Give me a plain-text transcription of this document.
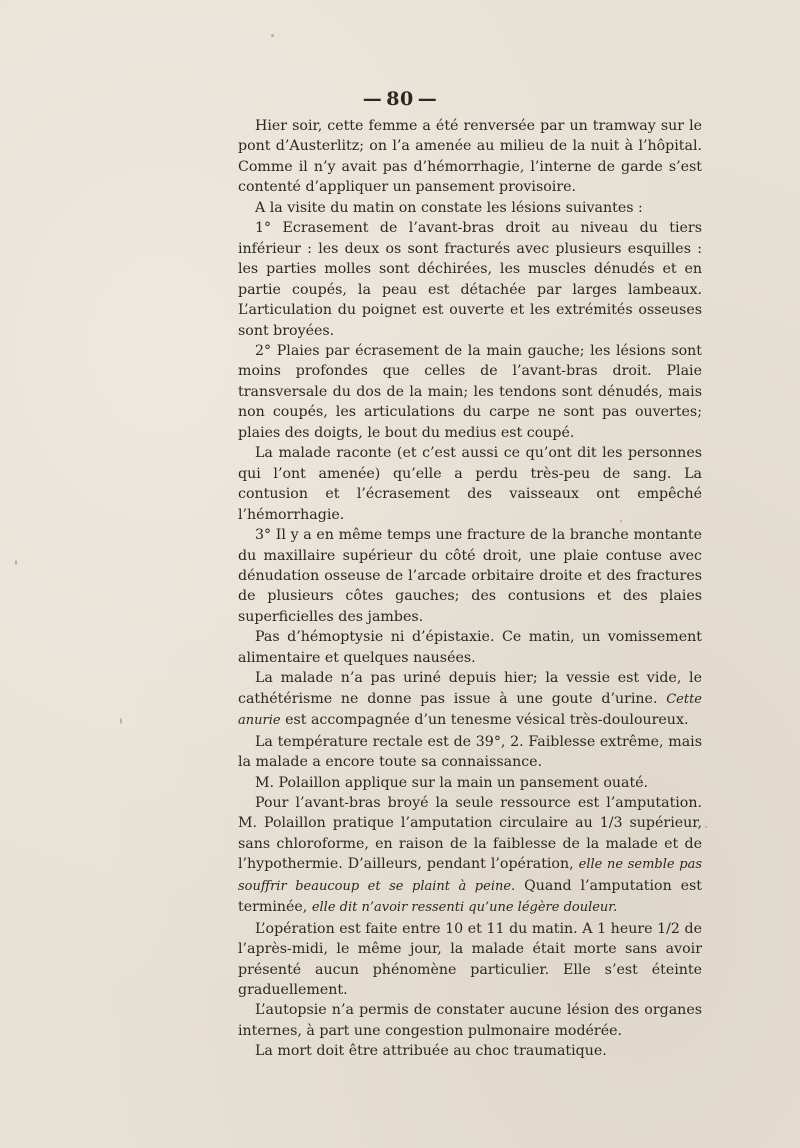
— 80 —

Hier soir, cette femme a été renversée par un tramway sur le pont d’Austerlitz; on l’a amenée au milieu de la nuit à l’hôpital. Comme il n’y avait pas d’hémorrhagie, l’interne de garde s’est contenté d’appliquer un pansement provisoire.

A la visite du matin on constate les lésions suivantes :

1° Ecrasement de l’avant-bras droit au niveau du tiers inférieur : les deux os sont fracturés avec plusieurs esquilles : les parties molles sont déchirées, les muscles dénudés et en partie coupés, la peau est détachée par larges lambeaux. L’articulation du poignet est ouverte et les extrémités osseuses sont broyées.

2° Plaies par écrasement de la main gauche; les lésions sont moins profondes que celles de l’avant-bras droit. Plaie transversale du dos de la main; les tendons sont dénudés, mais non coupés, les articulations du carpe ne sont pas ouvertes; plaies des doigts, le bout du medius est coupé.

La malade raconte (et c’est aussi ce qu’ont dit les personnes qui l’ont amenée) qu’elle a perdu très-peu de sang. La contusion et l’écrasement des vaisseaux ont empêché l’hémorrhagie.

3° Il y a en même temps une fracture de la branche montante du maxillaire supérieur du côté droit, une plaie contuse avec dénudation osseuse de l’arcade orbitaire droite et des fractures de plusieurs côtes gauches; des contusions et des plaies superficielles des jambes.

Pas d’hémoptysie ni d’épistaxie. Ce matin, un vomissement alimentaire et quelques nausées.

La malade n’a pas uriné depuis hier; la vessie est vide, le cathétérisme ne donne pas issue à une goute d’urine. Cette anurie est accompagnée d’un tenesme vésical très-douloureux.

La température rectale est de 39°, 2. Faiblesse extrême, mais la malade a encore toute sa connaissance.

M. Polaillon applique sur la main un pansement ouaté.

Pour l’avant-bras broyé la seule ressource est l’amputation. M. Polaillon pratique l’amputation circulaire au 1/3 supérieur, sans chloroforme, en raison de la faiblesse de la malade et de l’hypothermie. D’ailleurs, pendant l’opération, elle ne semble pas souffrir beaucoup et se plaint à peine. Quand l’amputation est terminée, elle dit n’avoir ressenti qu’une légère douleur.

L’opération est faite entre 10 et 11 du matin. A 1 heure 1/2 de l’après-midi, le même jour, la malade était morte sans avoir présenté aucun phénomène particulier. Elle s’est éteinte graduellement.

L’autopsie n’a permis de constater aucune lésion des organes internes, à part une congestion pulmonaire modérée.

La mort doit être attribuée au choc traumatique.
